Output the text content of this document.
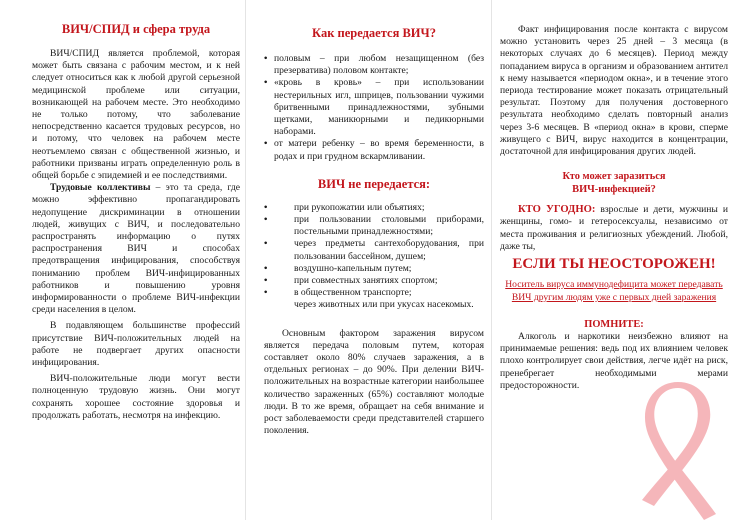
ВИЧ/СПИД и сфера труда

ВИЧ/СПИД является проблемой, которая может быть связана с рабочим местом, и к ней следует относиться как к любой другой серьезной медицинской проблеме или ситуации, возникающей на рабочем месте. Это необходимо не только потому, что заболевание непосредственно касается трудовых ресурсов, но и потому, что человек на рабочем месте неотъемлемо связан с общественной жизнью, и работники призваны играть определенную роль в общей борьбе с эпидемией и ее последствиями.

Трудовые коллективы – это та среда, где можно эффективно пропагандировать недопущение дискриминации в отношении людей, живущих с ВИЧ, и последовательно распространять информацию о путях распространения ВИЧ и способах предотвращения инфицирования, способствуя пониманию проблем ВИЧ-инфицированных работников и повышению уровня информированности о проблеме ВИЧ-инфекции среди населения в целом.

В подавляющем большинстве профессий присутствие ВИЧ-положительных людей на работе не подвергает других опасности инфицирования.

ВИЧ-положительные люди могут вести полноценную трудовую жизнь. Они могут сохранять хорошее состояние здоровья и продолжать работать, несмотря на инфекцию.

Как передается ВИЧ?
• половым – при любом незащищенном (без презерватива) половом контакте;
• «кровь в кровь» – при использовании нестерильных игл, шприцев, пользовании чужими бритвенными принадлежностями, зубными щетками, маникюрными и педикюрными наборами.
• от матери ребенку – во время беременности, в родах и при грудном вскармливании.
ВИЧ не передается:
•	при рукопожатии или объятиях;
•	при пользовании столовыми приборами, постельными принадлежностями;
•	через предметы сантехоборудования, при пользовании бассейном, душем;
•	воздушно-капельным путем;
•	при совместных занятиях спортом;
•	в общественном транспорте;

через животных или при укусах насекомых.

Основным фактором заражения вирусом является передача половым путем, которая составляет около 80% случаев заражения, а в отдельных регионах – до 90%. При делении ВИЧ-положительных на возрастные категории наибольшее количество зараженных (65%) составляют молодые люди. В то же время, обращает на себя внимание и рост заболеваемости среди представителей старшего поколения.

Факт инфицирования после контакта с вирусом можно установить через 25 дней – 3 месяца (в некоторых случаях до 6 месяцев). Период между попаданием вируса в организм и образованием антител к нему называется «периодом окна», и в течение этого периода тестирование может показать отрицательный результат. Поэтому для получения достоверного результата необходимо сделать повторный анализ через 3-6 месяцев. В «период окна» в крови, сперме живущего с ВИЧ, вирус находится в концентрации, достаточной для инфицирования других людей.

Кто может заразиться
ВИЧ-инфекцией?

КТО УГОДНО: взрослые и дети, мужчины и женщины, гомо- и гетеросексуалы, независимо от места проживания и религиозных убеждений. Любой, даже ты,

ЕСЛИ ТЫ НЕОСТОРОЖЕН!
Носитель вируса иммунодефицита может передавать ВИЧ другим людям уже с первых дней заражения
ПОМНИТЕ:

Алкоголь и наркотики неизбежно влияют на принимаемые решения: ведь под их влиянием человек плохо контролирует свои действия, легче идёт на риск, пренебрегает необходимыми мерами предосторожности.
